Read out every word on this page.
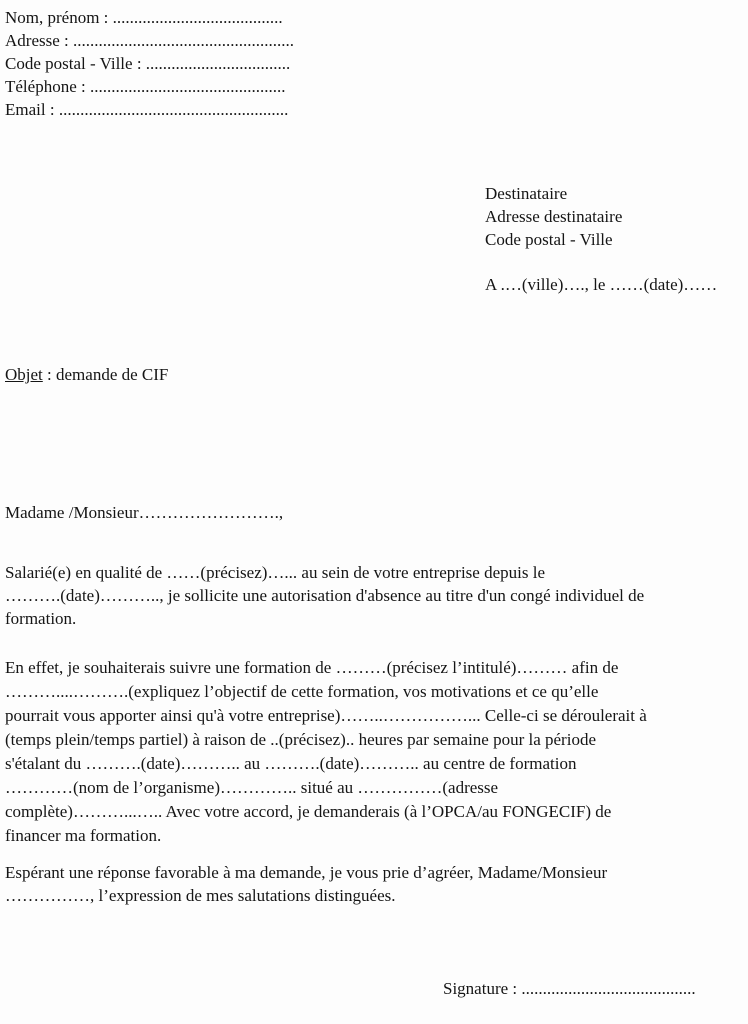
Nom, prénom : ........................................
Adresse : ....................................................
Code postal - Ville : ..................................
Téléphone : ..............................................
Email : ......................................................
Destinataire
Adresse destinataire
Code postal - Ville
A .…(ville)…., le ……(date)……
Objet : demande de CIF
Madame /Monsieur…………………….,
Salarié(e) en qualité de ……(précisez)…... au sein de votre entreprise depuis le
……….(date)……….., je sollicite une autorisation d'absence au titre d'un congé individuel de
formation.
En effet, je souhaiterais suivre une formation de ………(précisez l’intitulé)……… afin de
………....……….(expliquez l’objectif de cette formation, vos motivations et ce qu’elle
pourrait vous apporter ainsi qu'à votre entreprise)……..……………... Celle-ci se déroulerait à
(temps plein/temps partiel) à raison de ..(précisez).. heures par semaine pour la période
s'étalant du ……….(date)……….. au ……….(date)……….. au centre de formation
…………(nom de l’organisme)………….. situé au ……………(adresse
complète)………...….. Avec votre accord, je demanderais (à l’OPCA/au FONGECIF) de
financer ma formation.
Espérant une réponse favorable à ma demande, je vous prie d’agréer, Madame/Monsieur
……………, l’expression de mes salutations distinguées.
Signature : .........................................
